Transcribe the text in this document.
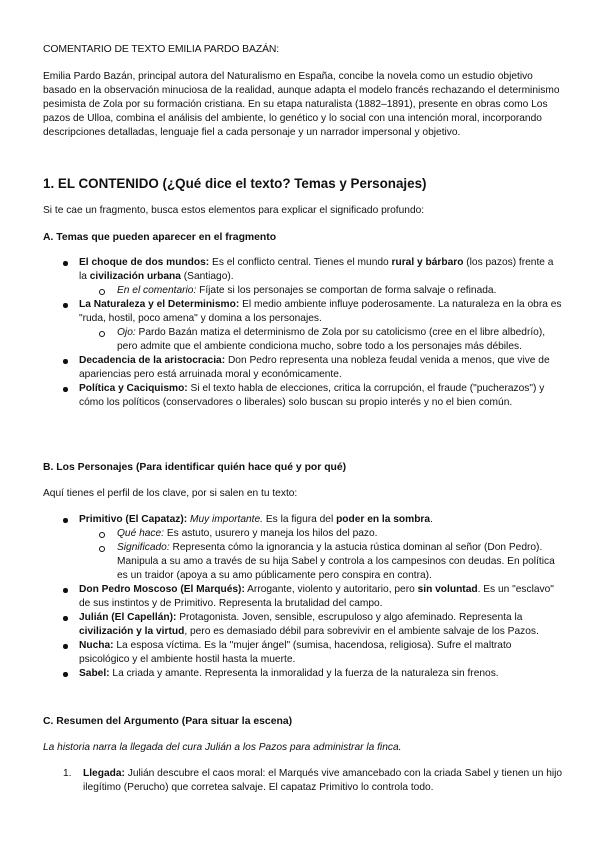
COMENTARIO DE TEXTO EMILIA PARDO BAZÁN:

Emilia Pardo Bazán, principal autora del Naturalismo en España, concibe la novela como un estudio objetivo basado en la observación minuciosa de la realidad, aunque adapta el modelo francés rechazando el determinismo pesimista de Zola por su formación cristiana. En su etapa naturalista (1882–1891), presente en obras como Los pazos de Ulloa, combina el análisis del ambiente, lo genético y lo social con una intención moral, incorporando descripciones detalladas, lenguaje fiel a cada personaje y un narrador impersonal y objetivo.

1. EL CONTENIDO (¿Qué dice el texto? Temas y Personajes)

Si te cae un fragmento, busca estos elementos para explicar el significado profundo:

A. Temas que pueden aparecer en el fragmento

El choque de dos mundos: Es el conflicto central. Tienes el mundo rural y bárbaro (los pazos) frente a la civilización urbana (Santiago).
En el comentario: Fíjate si los personajes se comportan de forma salvaje o refinada.
La Naturaleza y el Determinismo: El medio ambiente influye poderosamente. La naturaleza en la obra es "ruda, hostil, poco amena" y domina a los personajes.
Ojo: Pardo Bazán matiza el determinismo de Zola por su catolicismo (cree en el libre albedrío), pero admite que el ambiente condiciona mucho, sobre todo a los personajes más débiles.
Decadencia de la aristocracia: Don Pedro representa una nobleza feudal venida a menos, que vive de apariencias pero está arruinada moral y económicamente.
Política y Caciquismo: Si el texto habla de elecciones, critica la corrupción, el fraude ("pucherazos") y cómo los políticos (conservadores o liberales) solo buscan su propio interés y no el bien común.

B. Los Personajes (Para identificar quién hace qué y por qué)

Aquí tienes el perfil de los clave, por si salen en tu texto:

Primitivo (El Capataz): Muy importante. Es la figura del poder en la sombra.
Qué hace: Es astuto, usurero y maneja los hilos del pazo.
Significado: Representa cómo la ignorancia y la astucia rústica dominan al señor (Don Pedro). Manipula a su amo a través de su hija Sabel y controla a los campesinos con deudas. En política es un traidor (apoya a su amo públicamente pero conspira en contra).
Don Pedro Moscoso (El Marqués): Arrogante, violento y autoritario, pero sin voluntad. Es un "esclavo" de sus instintos y de Primitivo. Representa la brutalidad del campo.
Julián (El Capellán): Protagonista. Joven, sensible, escrupuloso y algo afeminado. Representa la civilización y la virtud, pero es demasiado débil para sobrevivir en el ambiente salvaje de los Pazos.
Nucha: La esposa víctima. Es la "mujer ángel" (sumisa, hacendosa, religiosa). Sufre el maltrato psicológico y el ambiente hostil hasta la muerte.
Sabel: La criada y amante. Representa la inmoralidad y la fuerza de la naturaleza sin frenos.

C. Resumen del Argumento (Para situar la escena)

La historia narra la llegada del cura Julián a los Pazos para administrar la finca.

1. Llegada: Julián descubre el caos moral: el Marqués vive amancebado con la criada Sabel y tienen un hijo ilegítimo (Perucho) que corretea salvaje. El capataz Primitivo lo controla todo.
